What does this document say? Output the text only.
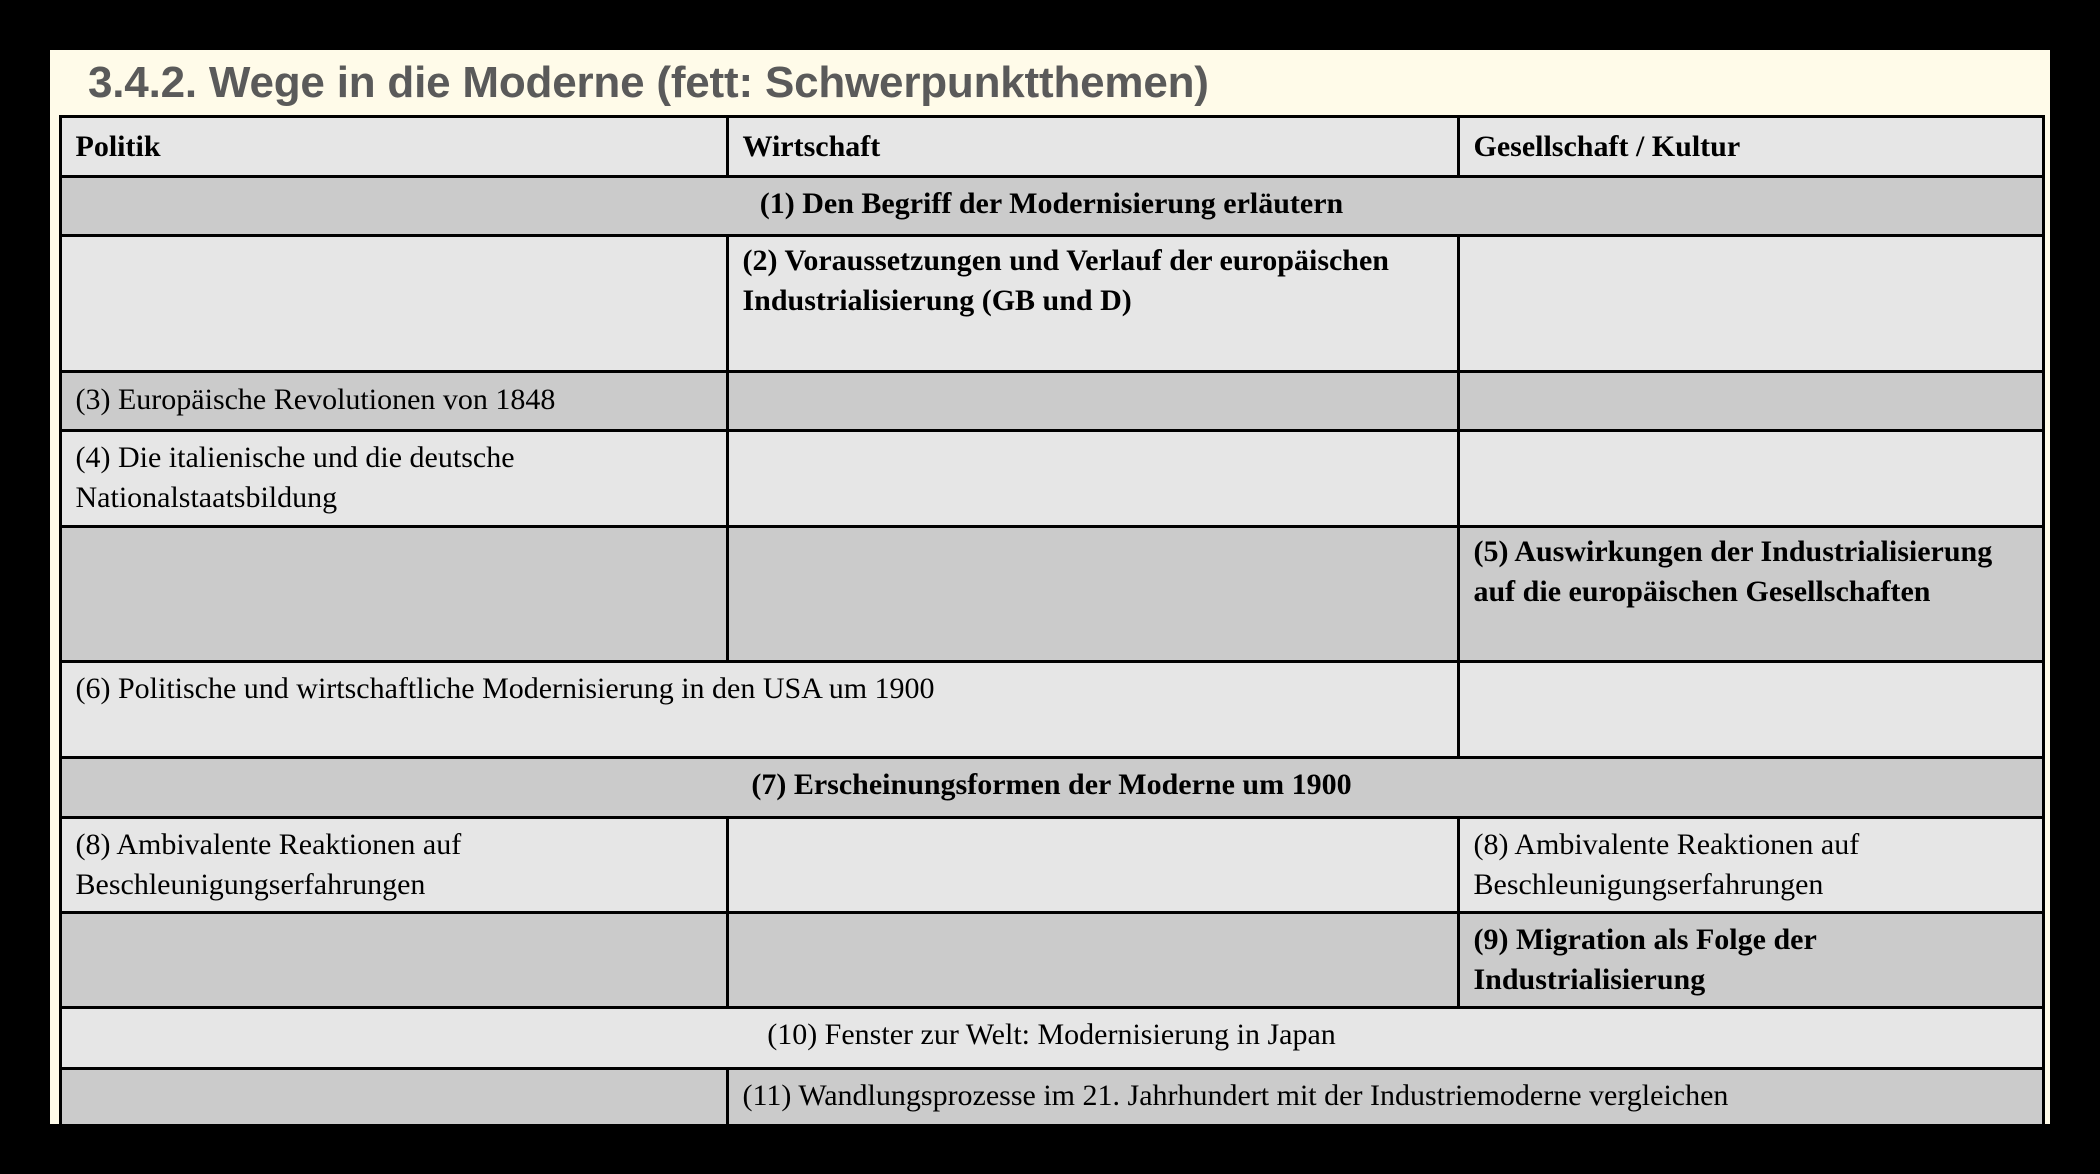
3.4.2. Wege in die Moderne (fett: Schwerpunktthemen)
Politik	Wirtschaft	Gesellschaft / Kultur
(1) Den Begriff der Modernisierung erläutern
(2) Voraussetzungen und Verlauf der europäischen Industrialisierung (GB und D)
(3) Europäische Revolutionen von 1848
(4) Die italienische und die deutsche Nationalstaatsbildung
(5) Auswirkungen der Industrialisierung auf die europäischen Gesellschaften
(6) Politische und wirtschaftliche Modernisierung in den USA um 1900
(7) Erscheinungsformen der Moderne um 1900
(8) Ambivalente Reaktionen auf Beschleunigungserfahrungen
(8) Ambivalente Reaktionen auf Beschleunigungserfahrungen
(9) Migration als Folge der Industrialisierung
(10) Fenster zur Welt: Modernisierung in Japan
(11) Wandlungsprozesse im 21. Jahrhundert mit der Industriemoderne vergleichen
